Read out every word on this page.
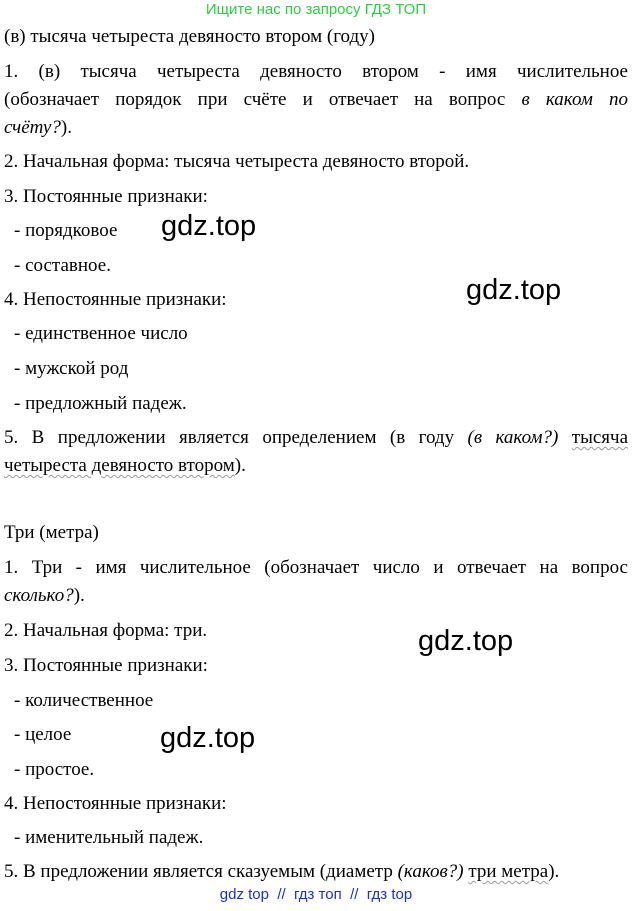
Ищите нас по запросу ГДЗ ТОП
(в) тысяча четыреста девяносто втором (году)
1. (в) тысяча четыреста девяносто втором - имя числительное
(обозначает порядок при счёте и отвечает на вопрос в каком по
счёту?).
2. Начальная форма: тысяча четыреста девяносто второй.
3. Постоянные признаки:
- порядковое
- составное.
4. Непостоянные признаки:
- единственное число
- мужской род
- предложный падеж.
5. В предложении является определением (в году (в каком?) тысяча
четыреста девяносто втором).
Три (метра)
1. Три - имя числительное (обозначает число и отвечает на вопрос
сколько?).
2. Начальная форма: три.
3. Постоянные признаки:
- количественное
- целое
- простое.
4. Непостоянные признаки:
- именительный падеж.
5. В предложении является сказуемым (диаметр (каков?) три метра).
gdz.top
gdz.top
gdz.top
gdz.top
gdz top  //  гдз топ  //  гдз top
